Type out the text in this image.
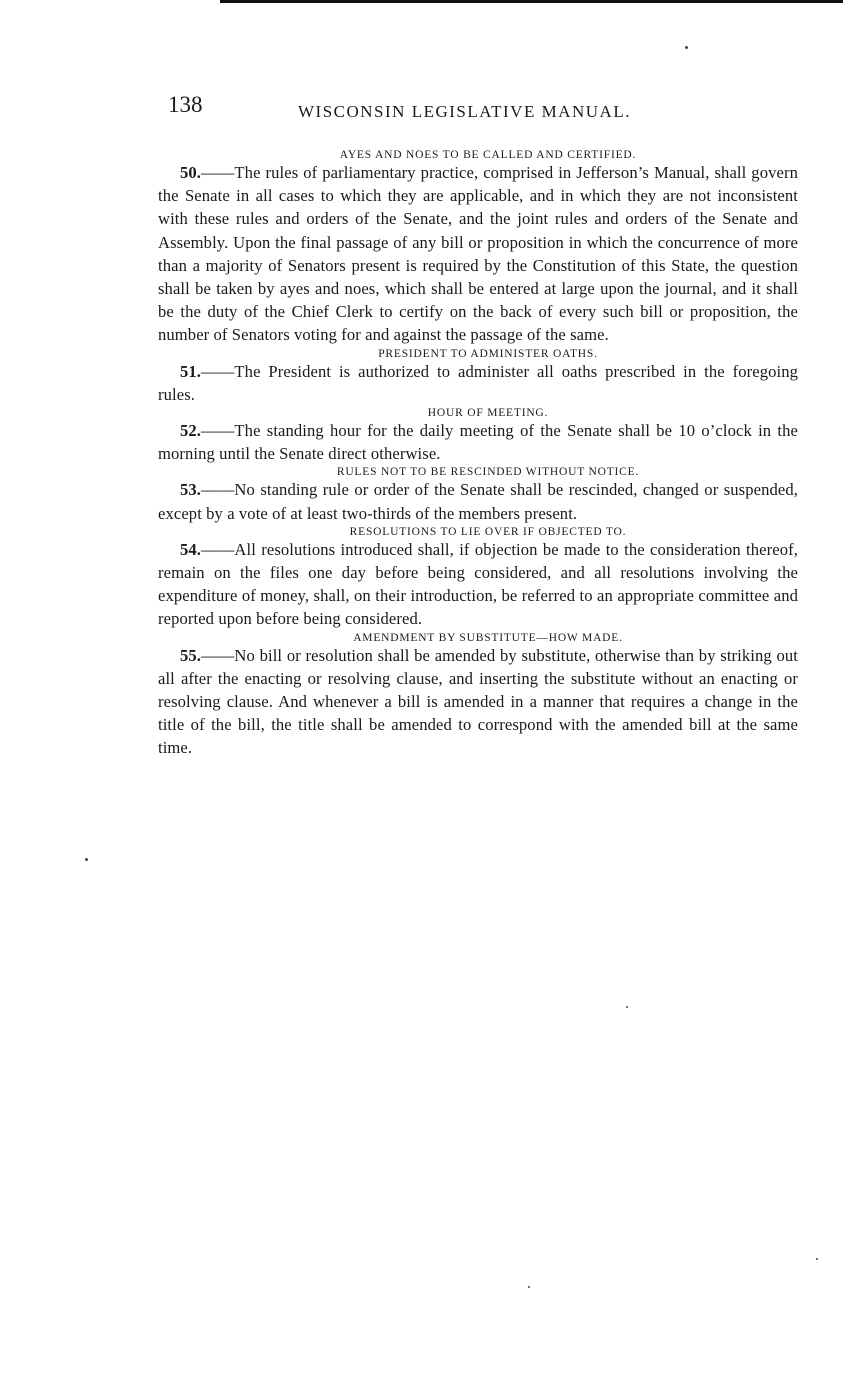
138	WISCONSIN LEGISLATIVE MANUAL.

AYES AND NOES TO BE CALLED AND CERTIFIED.

50.——The rules of parliamentary practice, comprised in Jefferson’s Manual, shall govern the Senate in all cases to which they are applicable, and in which they are not inconsistent with these rules and orders of the Senate, and the joint rules and orders of the Senate and Assembly. Upon the final passage of any bill or proposition in which the concurrence of more than a majority of Senators present is required by the Constitution of this State, the question shall be taken by ayes and noes, which shall be entered at large upon the journal, and it shall be the duty of the Chief Clerk to certify on the back of every such bill or proposition, the number of Senators voting for and against the passage of the same.

PRESIDENT TO ADMINISTER OATHS.

51.——The President is authorized to administer all oaths prescribed in the foregoing rules.

HOUR OF MEETING.

52.——The standing hour for the daily meeting of the Senate shall be 10 o’clock in the morning until the Senate direct otherwise.

RULES NOT TO BE RESCINDED WITHOUT NOTICE.

53.——No standing rule or order of the Senate shall be rescinded, changed or suspended, except by a vote of at least two-thirds of the members present.

RESOLUTIONS TO LIE OVER IF OBJECTED TO.

54.——All resolutions introduced shall, if objection be made to the consideration thereof, remain on the files one day before being considered, and all resolutions involving the expenditure of money, shall, on their introduction, be referred to an appropriate committee and reported upon before being considered.

AMENDMENT BY SUBSTITUTE—HOW MADE.

55.——No bill or resolution shall be amended by substitute, otherwise than by striking out all after the enacting or resolving clause, and inserting the substitute without an enacting or resolving clause. And whenever a bill is amended in a manner that requires a change in the title of the bill, the title shall be amended to correspond with the amended bill at the same time.
